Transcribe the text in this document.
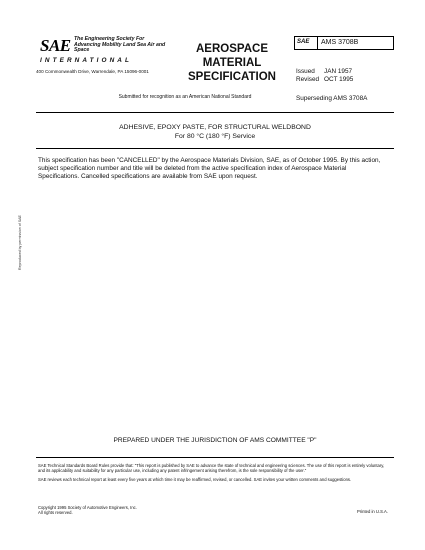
SAE The Engineering Society For Advancing Mobility Land Sea Air and Space
INTERNATIONAL
400 Commonwealth Drive, Warrendale, PA 15096-0001
AEROSPACE
MATERIAL
SPECIFICATION
SAE AMS 3708B
Issued	JAN 1957
Revised OCT 1995
Superseding AMS 3708A
Submitted for recognition as an American National Standard
ADHESIVE, EPOXY PASTE, FOR STRUCTURAL WELDBOND
For 80 °C (180 °F) Service
This specification has been "CANCELLED" by the Aerospace Materials Division, SAE, as of October 1995. By this action, subject specification number and title will be deleted from the active specification index of Aerospace Material Specifications. Cancelled specifications are available from SAE upon request.
PREPARED UNDER THE JURISDICTION OF AMS COMMITTEE "P"

SAE Technical Standards Board Rules provide that: "This report is published by SAE to advance the state of technical and engineering sciences. The use of this report is entirely voluntary, and its applicability and suitability for any particular use, including any patent infringement arising therefrom, is the sole responsibility of the user."

SAE reviews each technical report at least every five years at which time it may be reaffirmed, revised, or cancelled. SAE invites your written comments and suggestions.

Copyright 1995 Society of Automotive Engineers, Inc.
All rights reserved.	Printed in U.S.A.
Reproduced by permission of SAE
